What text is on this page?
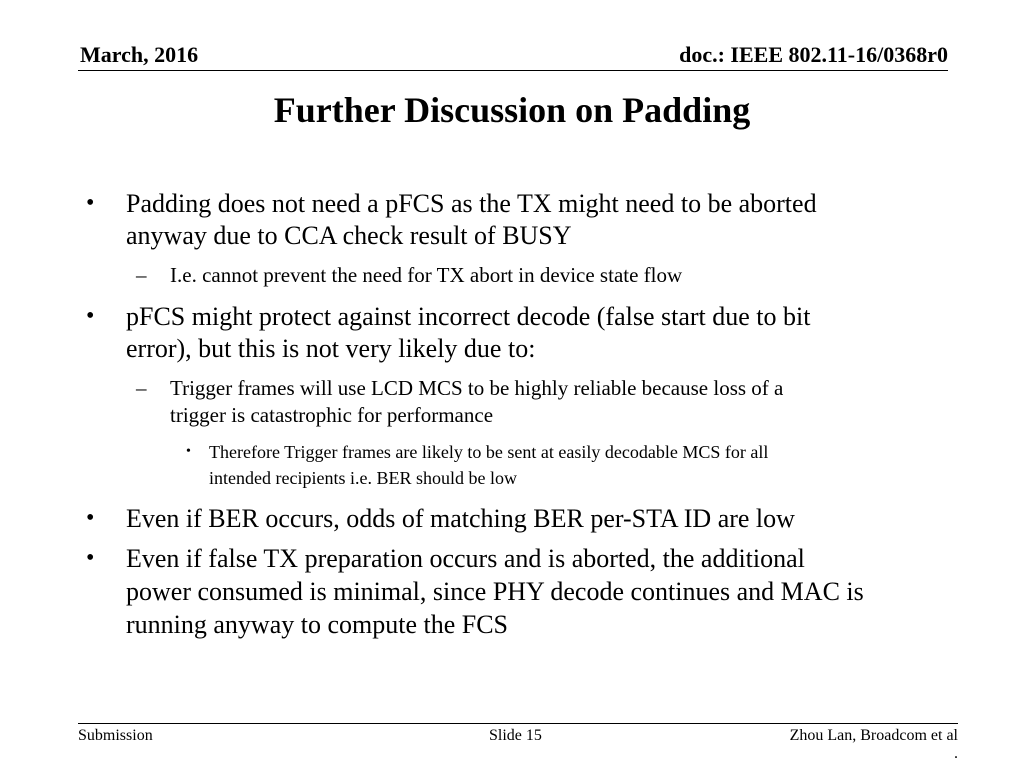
March, 2016	doc.: IEEE 802.11-16/0368r0
Further Discussion on Padding
• Padding does not need a pFCS as the TX might need to be aborted
anyway due to CCA check result of BUSY
– I.e. cannot prevent the need for TX abort in device state flow
• pFCS might protect against incorrect decode (false start due to bit
error), but this is not very likely due to:
– Trigger frames will use LCD MCS to be highly reliable because loss of a
trigger is catastrophic for performance
• Therefore Trigger frames are likely to be sent at easily decodable MCS for all
intended recipients i.e. BER should be low
• Even if BER occurs, odds of matching BER per-STA ID are low
• Even if false TX preparation occurs and is aborted, the additional
power consumed is minimal, since PHY decode continues and MAC is
running anyway to compute the FCS
Submission	Slide 15	Zhou Lan, Broadcom et al
.
